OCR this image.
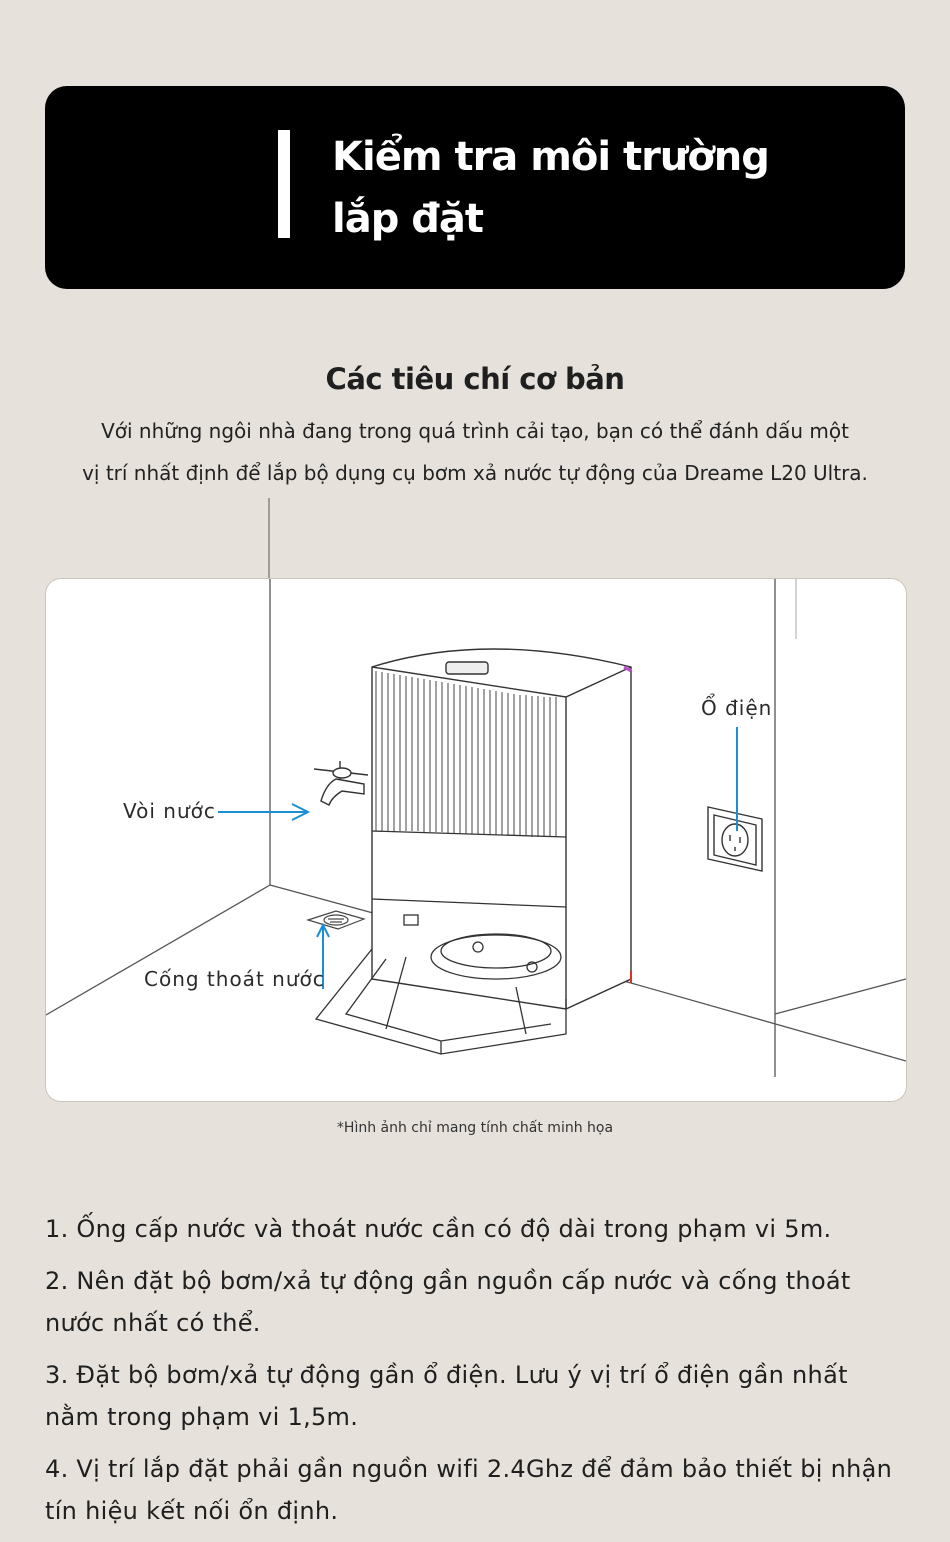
Kiểm tra môi trường
lắp đặt
Các tiêu chí cơ bản
Với những ngôi nhà đang trong quá trình cải tạo, bạn có thể đánh dấu một
vị trí nhất định để lắp bộ dụng cụ bơm xả nước tự động của Dreame L20 Ultra.
Vòi nước
Ổ điện
Cống thoát nước
*Hình ảnh chỉ mang tính chất minh họa

1. Ống cấp nước và thoát nước cần có độ dài trong phạm vi 5m.

2. Nên đặt bộ bơm/xả tự động gần nguồn cấp nước và cống thoát nước nhất có thể.

3. Đặt bộ bơm/xả tự động gần ổ điện. Lưu ý vị trí ổ điện gần nhất nằm trong phạm vi 1,5m.

4. Vị trí lắp đặt phải gần nguồn wifi 2.4Ghz để đảm bảo thiết bị nhận tín hiệu kết nối ổn định.
